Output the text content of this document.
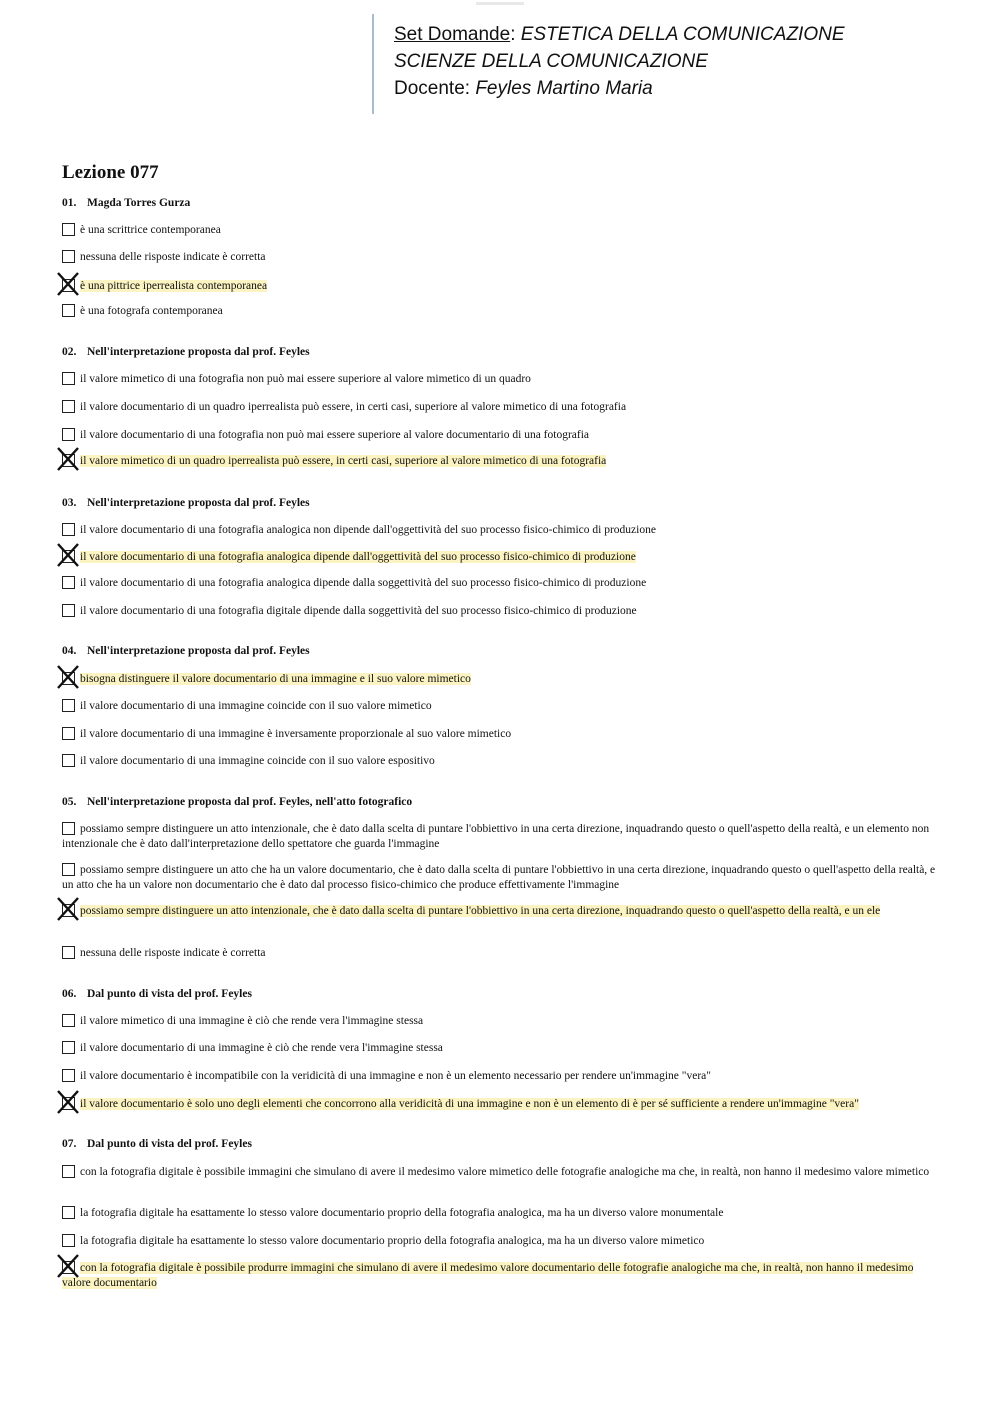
Set Domande: ESTETICA DELLA COMUNICAZIONE
SCIENZE DELLA COMUNICAZIONE
Docente: Feyles Martino Maria
Lezione 077
01. Magda Torres Gurza
è una scrittrice contemporanea
nessuna delle risposte indicate è corretta
è una pittrice iperrealista contemporanea
è una fotografa contemporanea
02. Nell'interpretazione proposta dal prof. Feyles
il valore mimetico di una fotografia non può mai essere superiore al valore mimetico di un quadro
il valore documentario di un quadro iperrealista può essere, in certi casi, superiore al valore mimetico di una fotografia
il valore documentario di una fotografia non può mai essere superiore al valore documentario di una fotografia
il valore mimetico di un quadro iperrealista può essere, in certi casi, superiore al valore mimetico di una fotografia
03. Nell'interpretazione proposta dal prof. Feyles
il valore documentario di una fotografia analogica non dipende dall'oggettività del suo processo fisico-chimico di produzione
il valore documentario di una fotografia analogica dipende dall'oggettività del suo processo fisico-chimico di produzione
il valore documentario di una fotografia analogica dipende dalla soggettività del suo processo fisico-chimico di produzione
il valore documentario di una fotografia digitale dipende dalla soggettività del suo processo fisico-chimico di produzione
04. Nell'interpretazione proposta dal prof. Feyles
bisogna distinguere il valore documentario di una immagine e il suo valore mimetico
il valore documentario di una immagine coincide con il suo valore mimetico
il valore documentario di una immagine è inversamente proporzionale al suo valore mimetico
il valore documentario di una immagine coincide con il suo valore espositivo
05. Nell'interpretazione proposta dal prof. Feyles, nell'atto fotografico
possiamo sempre distinguere un atto intenzionale, che è dato dalla scelta di puntare l'obbiettivo in una certa direzione, inquadrando questo o quell'aspetto della realtà, e un elemento non intenzionale che è dato dall'interpretazione dello spettatore che guarda l'immagine
possiamo sempre distinguere un atto che ha un valore documentario, che è dato dalla scelta di puntare l'obbiettivo in una certa direzione, inquadrando questo o quell'aspetto della realtà, e un atto che ha un valore non documentario che è dato dal processo fisico-chimico che produce effettivamente l'immagine
possiamo sempre distinguere un atto intenzionale, che è dato dalla scelta di puntare l'obbiettivo in una certa direzione, inquadrando questo o quell'aspetto della realtà, e un ele
nessuna delle risposte indicate è corretta
06. Dal punto di vista del prof. Feyles
il valore mimetico di una immagine è ciò che rende vera l'immagine stessa
il valore documentario di una immagine è ciò che rende vera l'immagine stessa
il valore documentario è incompatibile con la veridicità di una immagine e non è un elemento necessario per rendere un'immagine "vera"
il valore documentario è solo uno degli elementi che concorrono alla veridicità di una immagine e non è un elemento di è per sé sufficiente a rendere un'immagine "vera"
07. Dal punto di vista del prof. Feyles
con la fotografia digitale è possibile immagini che simulano di avere il medesimo valore mimetico delle fotografie analogiche ma che, in realtà, non hanno il medesimo valore mimetico
la fotografia digitale ha esattamente lo stesso valore documentario proprio della fotografia analogica, ma ha un diverso valore monumentale
la fotografia digitale ha esattamente lo stesso valore documentario proprio della fotografia analogica, ma ha un diverso valore mimetico
con la fotografia digitale è possibile produrre immagini che simulano di avere il medesimo valore documentario delle fotografie analogiche ma che, in realtà, non hanno il medesimo valore documentario
